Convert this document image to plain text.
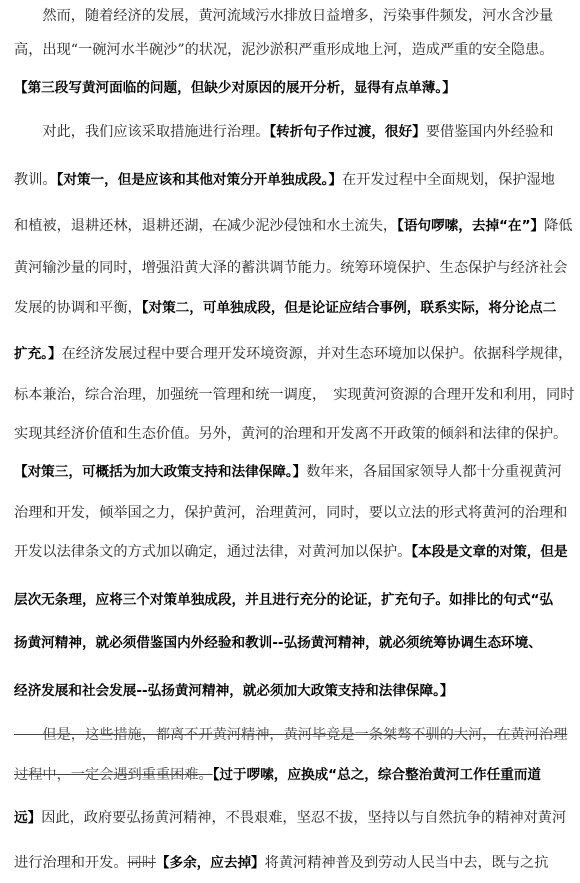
　　然而，随着经济的发展，黄河流域污水排放日益增多，污染事件频发，河水含沙量
高，出现“一碗河水半碗沙”的状况，泥沙淤积严重形成地上河，造成严重的安全隐患。
【第三段写黄河面临的问题，但缺少对原因的展开分析，显得有点单薄。】
　　对此，我们应该采取措施进行治理。【转折句子作过渡，很好】要借鉴国内外经验和
教训。【对策一，但是应该和其他对策分开单独成段。】在开发过程中全面规划，保护湿地
和植被，退耕还林，退耕还湖，在减少泥沙侵蚀和水土流失，【语句啰嗦，去掉“在”】降低
黄河输沙量的同时，增强沿黄大泽的蓄洪调节能力。统筹环境保护、生态保护与经济社会
发展的协调和平衡，【对策二，可单独成段，但是论证应结合事例，联系实际，将分论点二
扩充。】在经济发展过程中要合理开发环境资源，并对生态环境加以保护。依据科学规律，
标本兼治，综合治理，加强统一管理和统一调度，　实现黄河资源的合理开发和利用，同时
实现其经济价值和生态价值。另外，黄河的治理和开发离不开政策的倾斜和法律的保护。
【对策三，可概括为加大政策支持和法律保障。】数年来，各届国家领导人都十分重视黄河
治理和开发，倾举国之力，保护黄河，治理黄河，同时，要以立法的形式将黄河的治理和
开发以法律条文的方式加以确定，通过法律，对黄河加以保护。【本段是文章的对策，但是
层次无条理，应将三个对策单独成段，并且进行充分的论证，扩充句子。如排比的句式“弘
扬黄河精神，就必须借鉴国内外经验和教训--弘扬黄河精神，就必须统筹协调生态环境、
经济发展和社会发展--弘扬黄河精神，就必须加大政策支持和法律保障。】
　　但是，这些措施，都离不开黄河精神，黄河毕竟是一条桀骜不驯的大河，在黄河治理
过程中，一定会遇到重重困难。【过于啰嗦，应换成“总之，综合整治黄河工作任重而道
远】因此，政府要弘扬黄河精神，不畏艰难，坚忍不拔，坚持以与自然抗争的精神对黄河
进行治理和开发。同时【多余，应去掉】将黄河精神普及到劳动人民当中去，既与之抗
